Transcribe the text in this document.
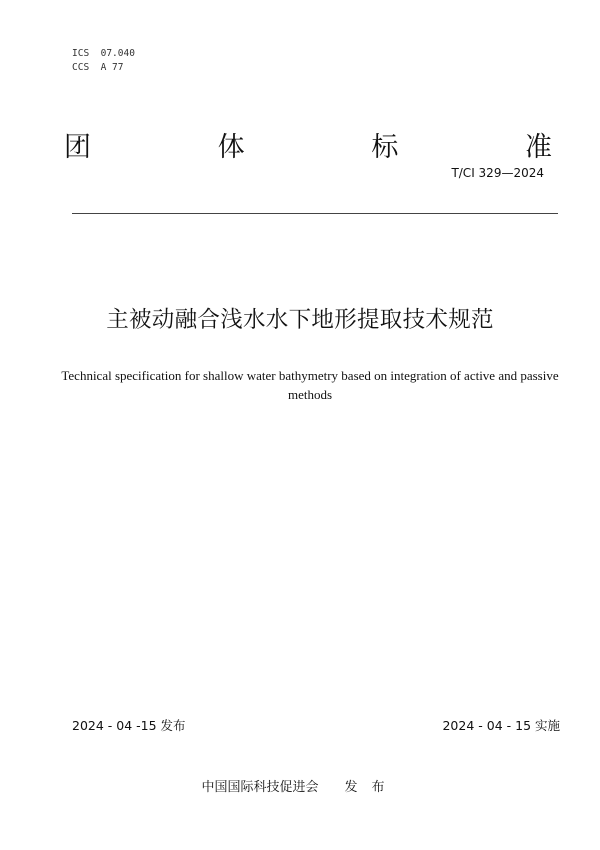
ICS  07.040
CCS  A 77
团	体	标	准
T/CI 329—2024
主被动融合浅水水下地形提取技术规范
Technical specification for shallow water bathymetry based on integration of active and passive methods
2024 - 04 -15 发布	2024 - 04 - 15 实施
中国国际科技促进会 发布
